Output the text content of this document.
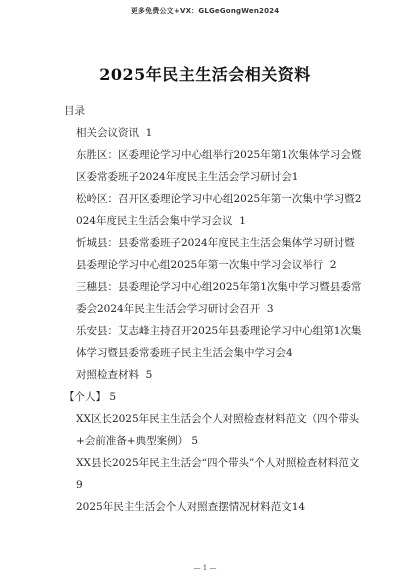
更多免费公文+VX：GLGeGongWen2024
2025年民主生活会相关资料
目录
相关会议资讯  1
东胜区：区委理论学习中心组举行2025年第1次集体学习会暨区委常委班子2024年度民主生活会学习研讨会1
松岭区：召开区委理论学习中心组2025年第一次集中学习暨2024年度民主生活会集中学习会议  1
忻城县：县委常委班子2024年度民主生活会集体学习研讨暨县委理论学习中心组2025年第一次集中学习会议举行  2
三穗县：县委理论学习中心组2025年第1次集中学习暨县委常委会2024年民主生活会学习研讨会召开  3
乐安县：艾志峰主持召开2025年县委理论学习中心组第1次集体学习暨县委常委班子民主生活会集中学习会4
对照检查材料  5
【个人】 5
XX区长2025年民主生活会个人对照检查材料范文（四个带头+会前准备+典型案例） 5
XX县长2025年民主生活会“四个带头”个人对照检查材料范文  9
2025年民主生活会个人对照查摆情况材料范文14
— 1 —
